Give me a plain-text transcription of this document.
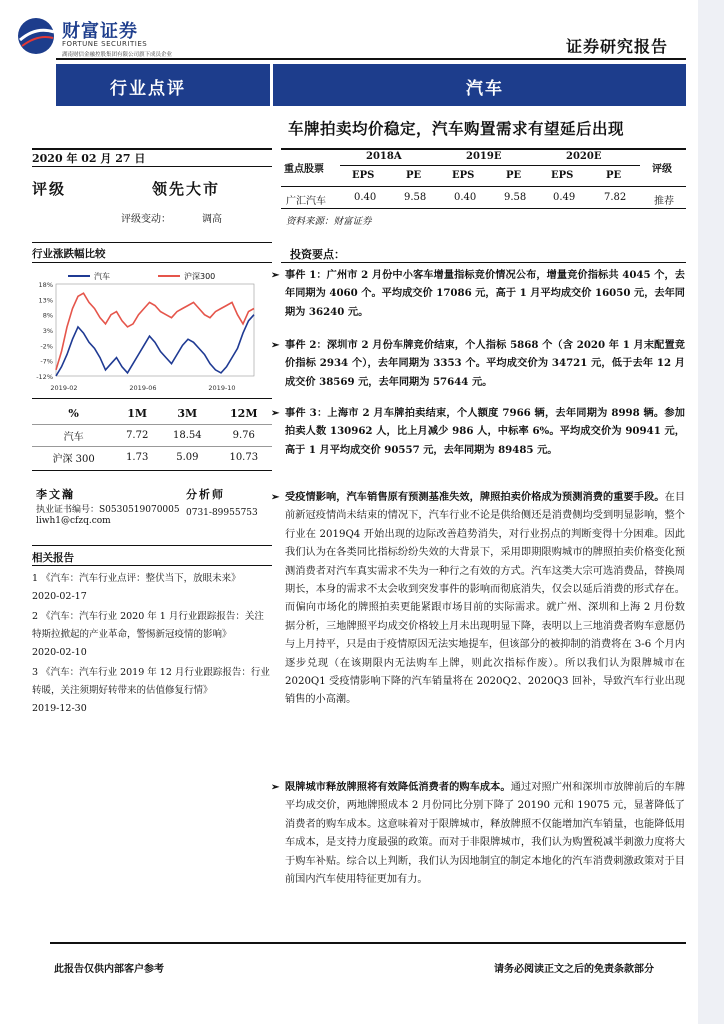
财富证券
FORTUNE SECURITIES
湖南财信金融控股集团有限公司旗下成员企业	证券研究报告
行业点评	汽车
车牌拍卖均价稳定，汽车购置需求有望延后出现
2020 年 02 月 27 日
评级	领先大市
评级变动：	调高
行业涨跌幅比较
18%
13%
8%
3%
-2%
-7%
-12%
2019-02	2019-06	2019-10
汽车	沪深300
%	1M	3M	12M
汽车	7.72	18.54	9.76
沪深 300	1.73	5.09	10.73
李文瀚	分析师
执业证书编号：S0530519070005 0731-89955753
liwh1@cfzq.com
相关报告
1 《汽车：汽车行业点评：整伏当下，放眼未来》
2020-02-17
2 《汽车：汽车行业 2020 年 1 月行业跟踪报告：关注特斯拉掀起的产业革命，警惕新冠疫情的影响》
2020-02-10
3 《汽车：汽车行业 2019 年 12 月行业跟踪报告：行业转暖，关注须期好转带来的估值修复行情》
2019-12-30
重点股票
2018A	2019E	2020E
评级
EPS	PE	EPS	PE	EPS	PE
广汇汽车	0.40	9.58	0.40	9.58	0.49	7.82	推荐
资料来源：财富证券
投资要点：
➢ 事件 1：广州市 2 月份中小客车增量指标竞价情况公布，增量竞价指标共 4045 个，去年同期为 4060 个。平均成交价 17086 元，高于 1 月平均成交价 16050 元，去年同期为 36240 元。
➢ 事件 2：深圳市 2 月份车牌竞价结束，个人指标 5868 个（含 2020 年 1 月末配置竞价指标 2934 个），去年同期为 3353 个。平均成交价为 34721 元，低于去年 12 月成交价 38569 元，去年同期为 57644 元。
➢ 事件 3：上海市 2 月车牌拍卖结束，个人额度 7966 辆，去年同期为 8998 辆。参加拍卖人数 130962 人，比上月减少 986 人，中标率 6%。平均成交价为 90941 元，高于 1 月平均成交价 90557 元，去年同期为 89485 元。
➢ 受疫情影响，汽车销售原有预测基准失效，牌照拍卖价格成为预测消费的重要手段。在目前新冠疫情尚未结束的情况下，汽车行业不论是供给侧还是消费侧均受到明显影响，整个行业在 2019Q4 开始出现的边际改善趋势消失，对行业拐点的判断变得十分困难。因此我们认为在各类同比指标纷纷失效的大背景下，采用即期限购城市的牌照拍卖价格变化预测消费者对汽车真实需求不失为一种行之有效的方式。汽车这类大宗可选消费品，替换周期长，本身的需求不太会收到突发事件的影响而彻底消失，仅会以延后消费的形式存在。而偏向市场化的牌照拍卖更能紧跟市场目前的实际需求。就广州、深圳和上海 2 月份数据分析，三地牌照平均成交价格较上月未出现明显下降，表明以上三地消费者购车意愿仍与上月持平，只是由于疫情原因无法实地提车，但该部分的被抑制的消费将在 3-6 个月内逐步兑现（在该期限内无法购车上牌，则此次指标作废）。所以我们认为限牌城市在 2020Q1 受疫情影响下降的汽车销量将在 2020Q2、2020Q3 回补，导致汽车行业出现销售的小高潮。
➢ 限牌城市释放牌照将有效降低消费者的购车成本。通过对照广州和深圳市放牌前后的车牌平均成交价，两地牌照成本 2 月份同比分别下降了 20190 元和 19075 元，显著降低了消费者的购车成本。这意味着对于限牌城市，释放牌照不仅能增加汽车销量，也能降低用车成本，是支持力度最强的政策。而对于非限牌城市，我们认为购置税减半刺激力度将大于购车补贴。综合以上判断，我们认为因地制宜的制定本地化的汽车消费刺激政策对于目前国内汽车使用特征更加有力。
此报告仅供内部客户参考	请务必阅读正文之后的免责条款部分
